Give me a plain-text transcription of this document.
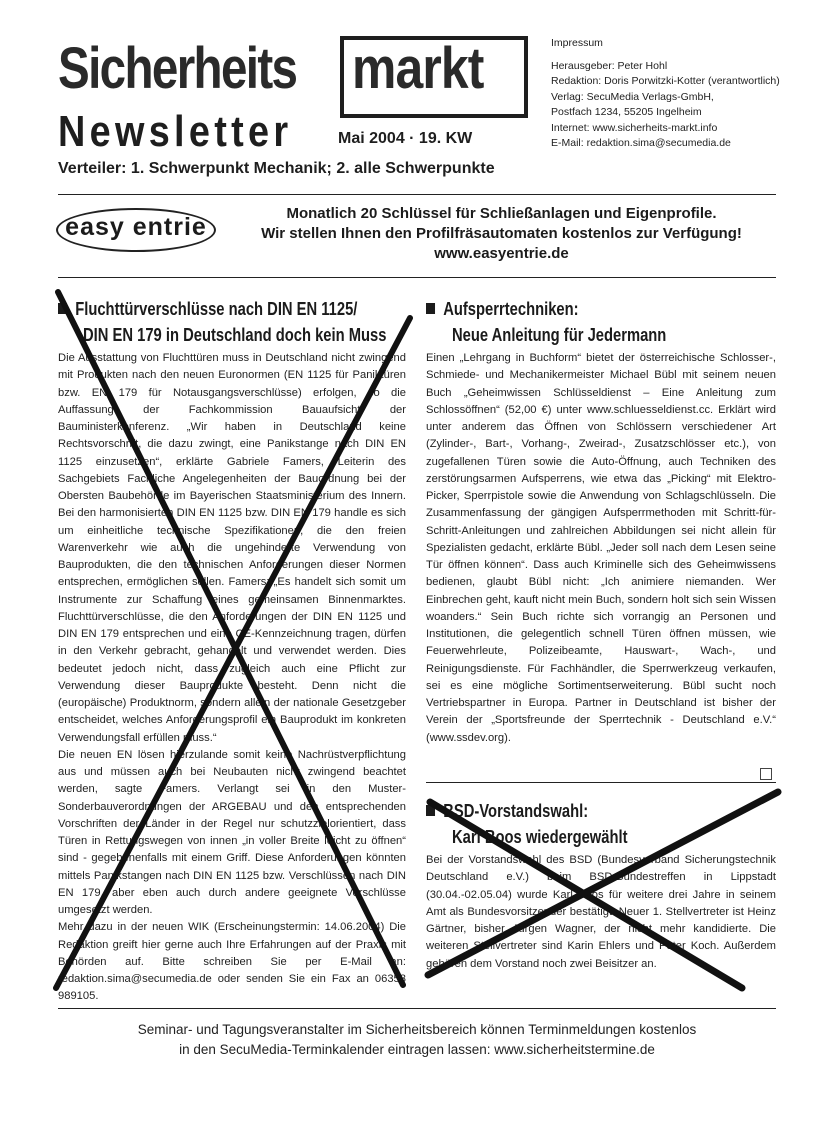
Sicherheits markt
Newsletter	Mai 2004 · 19. KW
Verteiler: 1. Schwerpunkt Mechanik; 2. alle Schwerpunkte
Impressum
Herausgeber: Peter Hohl
Redaktion: Doris Porwitzki-Kotter (verantwortlich)
Verlag: SecuMedia Verlags-GmbH,
Postfach 1234, 55205 Ingelheim
Internet: www.sicherheits-markt.info
E-Mail: redaktion.sima@secumedia.de
easy entrie	Monatlich 20 Schlüssel für Schließanlagen und Eigenprofile.
Wir stellen Ihnen den Profilfräsautomaten kostenlos zur Verfügung!
www.easyentrie.de
Fluchttürverschlüsse nach DIN EN 1125/
DIN EN 179 in Deutschland doch kein Muss
Die Ausstattung von Fluchttüren muss in Deutschland nicht zwingend mit Produkten nach den neuen Euronormen (EN 1125 für Paniktüren bzw. EN 179 für Notausgangsverschlüsse) erfolgen, so die Auffassung der Fachkommission Bauaufsicht der Bauministerkonferenz. „Wir haben in Deutschland keine Rechtsvorschrift, die dazu zwingt, eine Panikstange nach DIN EN 1125 einzusetzen“, erklärte Gabriele Famers, Leiterin des Sachgebiets Fachliche Angelegenheiten der Bauordnung bei der Obersten Baubehörde im Bayerischen Staatsministerium des Innern. Bei den harmonisierten DIN EN 1125 bzw. DIN EN 179 handle es sich um einheitliche technische Spezifikationen, die den freien Warenverkehr wie auch die ungehinderte Verwendung von Bauprodukten, die den technischen Anforderungen dieser Normen entsprechen, ermöglichen sollen. Famers: „Es handelt sich somit um Instrumente zur Schaffung eines gemeinsamen Binnenmarktes. Fluchttürverschlüsse, die den Anforderungen der DIN EN 1125 und DIN EN 179 entsprechen und eine CE-Kennzeichnung tragen, dürfen in den Verkehr gebracht, gehandelt und verwendet werden. Dies bedeutet jedoch nicht, dass zugleich auch eine Pflicht zur Verwendung dieser Bauprodukte besteht. Denn nicht die (europäische) Produktnorm, sondern allein der nationale Gesetzgeber entscheidet, welches Anforderungsprofil ein Bauprodukt im konkreten Verwendungsfall erfüllen muss.“
Die neuen EN lösen hierzulande somit keine Nachrüstverpflichtung aus und müssen auch bei Neubauten nicht zwingend beachtet werden, sagte Famers. Verlangt sei in den Muster-Sonderbauverordnungen der ARGEBAU und den entsprechenden Vorschriften der Länder in der Regel nur schutzzielorientiert, dass Türen in Rettungswegen von innen „in voller Breite leicht zu öffnen“ sind - gegebenenfalls mit einem Griff. Diese Anforderungen könnten mittels Panikstangen nach DIN EN 1125 bzw. Verschlüssen nach DIN EN 179, aber eben auch durch andere geeignete Verschlüsse umgesetzt werden.
Mehr dazu in der neuen WIK (Erscheinungstermin: 14.06.2004) Die Redaktion greift hier gerne auch Ihre Erfahrungen auf der Praxis mit Behörden auf. Bitte schreiben Sie per E-Mail an: redaktion.sima@secumedia.de oder senden Sie ein Fax an 06353 989105.
Aufsperrtechniken:
Neue Anleitung für Jedermann
Einen „Lehrgang in Buchform“ bietet der österreichische Schlosser-, Schmiede- und Mechanikermeister Michael Bübl mit seinem neuen Buch „Geheimwissen Schlüsseldienst – Eine Anleitung zum Schlossöffnen“ (52,00 €) unter www.schluesseldienst.cc. Erklärt wird unter anderem das Öffnen von Schlössern verschiedener Art (Zylinder-, Bart-, Vorhang-, Zweirad-, Zusatzschlösser etc.), von zugefallenen Türen sowie die Auto-Öffnung, auch Techniken des zerstörungsarmen Aufsperrens, wie etwa das „Picking“ mit Elektro-Picker, Sperrpistole sowie die Anwendung von Schlagschlüsseln. Die Zusammenfassung der gängigen Aufsperrmethoden mit Schritt-für-Schritt-Anleitungen und zahlreichen Abbildungen sei nicht allein für Spezialisten gedacht, erklärte Bübl. „Jeder soll nach dem Lesen seine Tür öffnen können“. Dass auch Kriminelle sich des Geheimwissens bedienen, glaubt Bübl nicht: „Ich animiere niemanden. Wer Einbrechen geht, kauft nicht mein Buch, sondern holt sich sein Wissen woanders.“ Sein Buch richte sich vorrangig an Personen und Institutionen, die gelegentlich schnell Türen öffnen müssen, wie Feuerwehrleute, Polizeibeamte, Hauswart-, Wach-, und Reinigungsdienste. Für Fachhändler, die Sperrwerkzeug verkaufen, sei es eine mögliche Sortimentserweiterung. Bübl sucht noch Vertriebspartner in Europa. Partner in Deutschland ist bisher der Verein der „Sportsfreunde der Sperrtechnik - Deutschland e.V.“ (www.ssdev.org).
BSD-Vorstandswahl:
Karl Boos wiedergewählt
Bei der Vorstandswahl des BSD (Bundesverband Sicherungstechnik Deutschland e.V.) beim BSD-Bundestreffen in Lippstadt (30.04.-02.05.04) wurde Karl Boos für weitere drei Jahre in seinem Amt als Bundesvorsitzender bestätigt. Neuer 1. Stellvertreter ist Heinz Gärtner, bisher Jürgen Wagner, der nicht mehr kandidierte. Die weiteren Stellvertreter sind Karin Ehlers und Peter Koch. Außerdem gehören dem Vorstand noch zwei Beisitzer an.
Seminar- und Tagungsveranstalter im Sicherheitsbereich können Terminmeldungen kostenlos
in den SecuMedia-Terminkalender eintragen lassen: www.sicherheitstermine.de
